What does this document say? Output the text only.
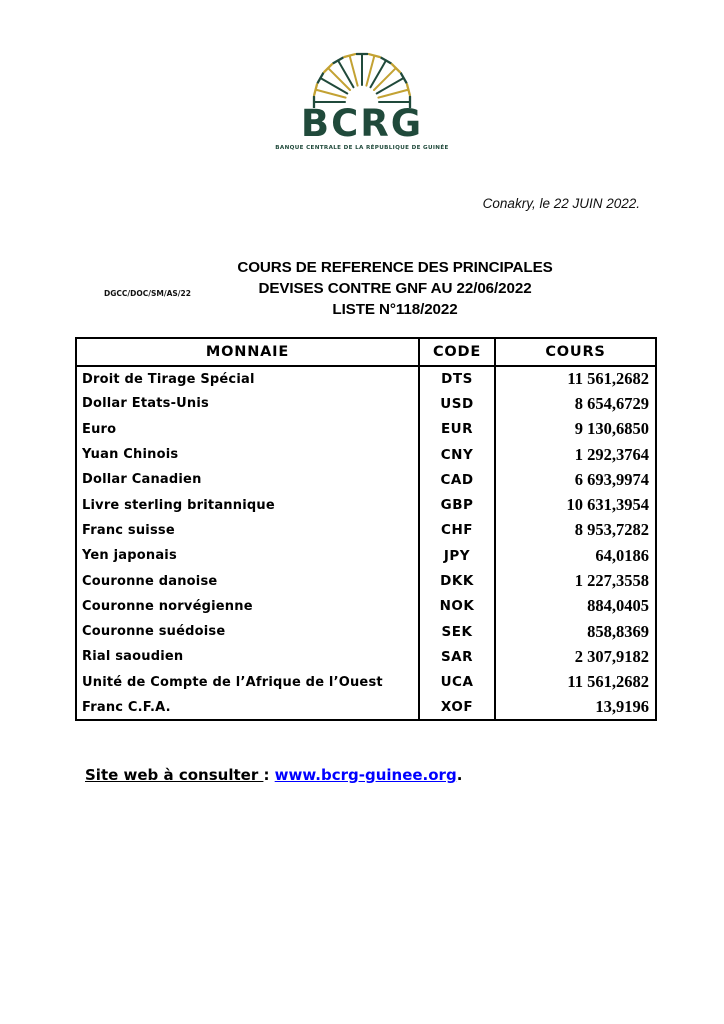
BCRG
BANQUE CENTRALE DE LA RÉPUBLIQUE DE GUINÉE
Conakry, le 22 JUIN 2022.
DGCC/DOC/SM/AS/22
COURS DE REFERENCE DES PRINCIPALES
DEVISES CONTRE GNF AU 22/06/2022
LISTE N°118/2022
MONNAIE	CODE	COURS
Droit de Tirage Spécial	DTS	11 561,2682
Dollar Etats-Unis	USD	8 654,6729
Euro	EUR	9 130,6850
Yuan Chinois	CNY	1 292,3764
Dollar Canadien	CAD	6 693,9974
Livre sterling britannique	GBP	10 631,3954
Franc suisse	CHF	8 953,7282
Yen japonais	JPY	64,0186
Couronne danoise	DKK	1 227,3558
Couronne norvégienne	NOK	884,0405
Couronne suédoise	SEK	858,8369
Rial saoudien	SAR	2 307,9182
Unité de Compte de l’Afrique de l’Ouest	UCA	11 561,2682
Franc C.F.A.	XOF	13,9196
Site web à consulter : www.bcrg-guinee.org.
